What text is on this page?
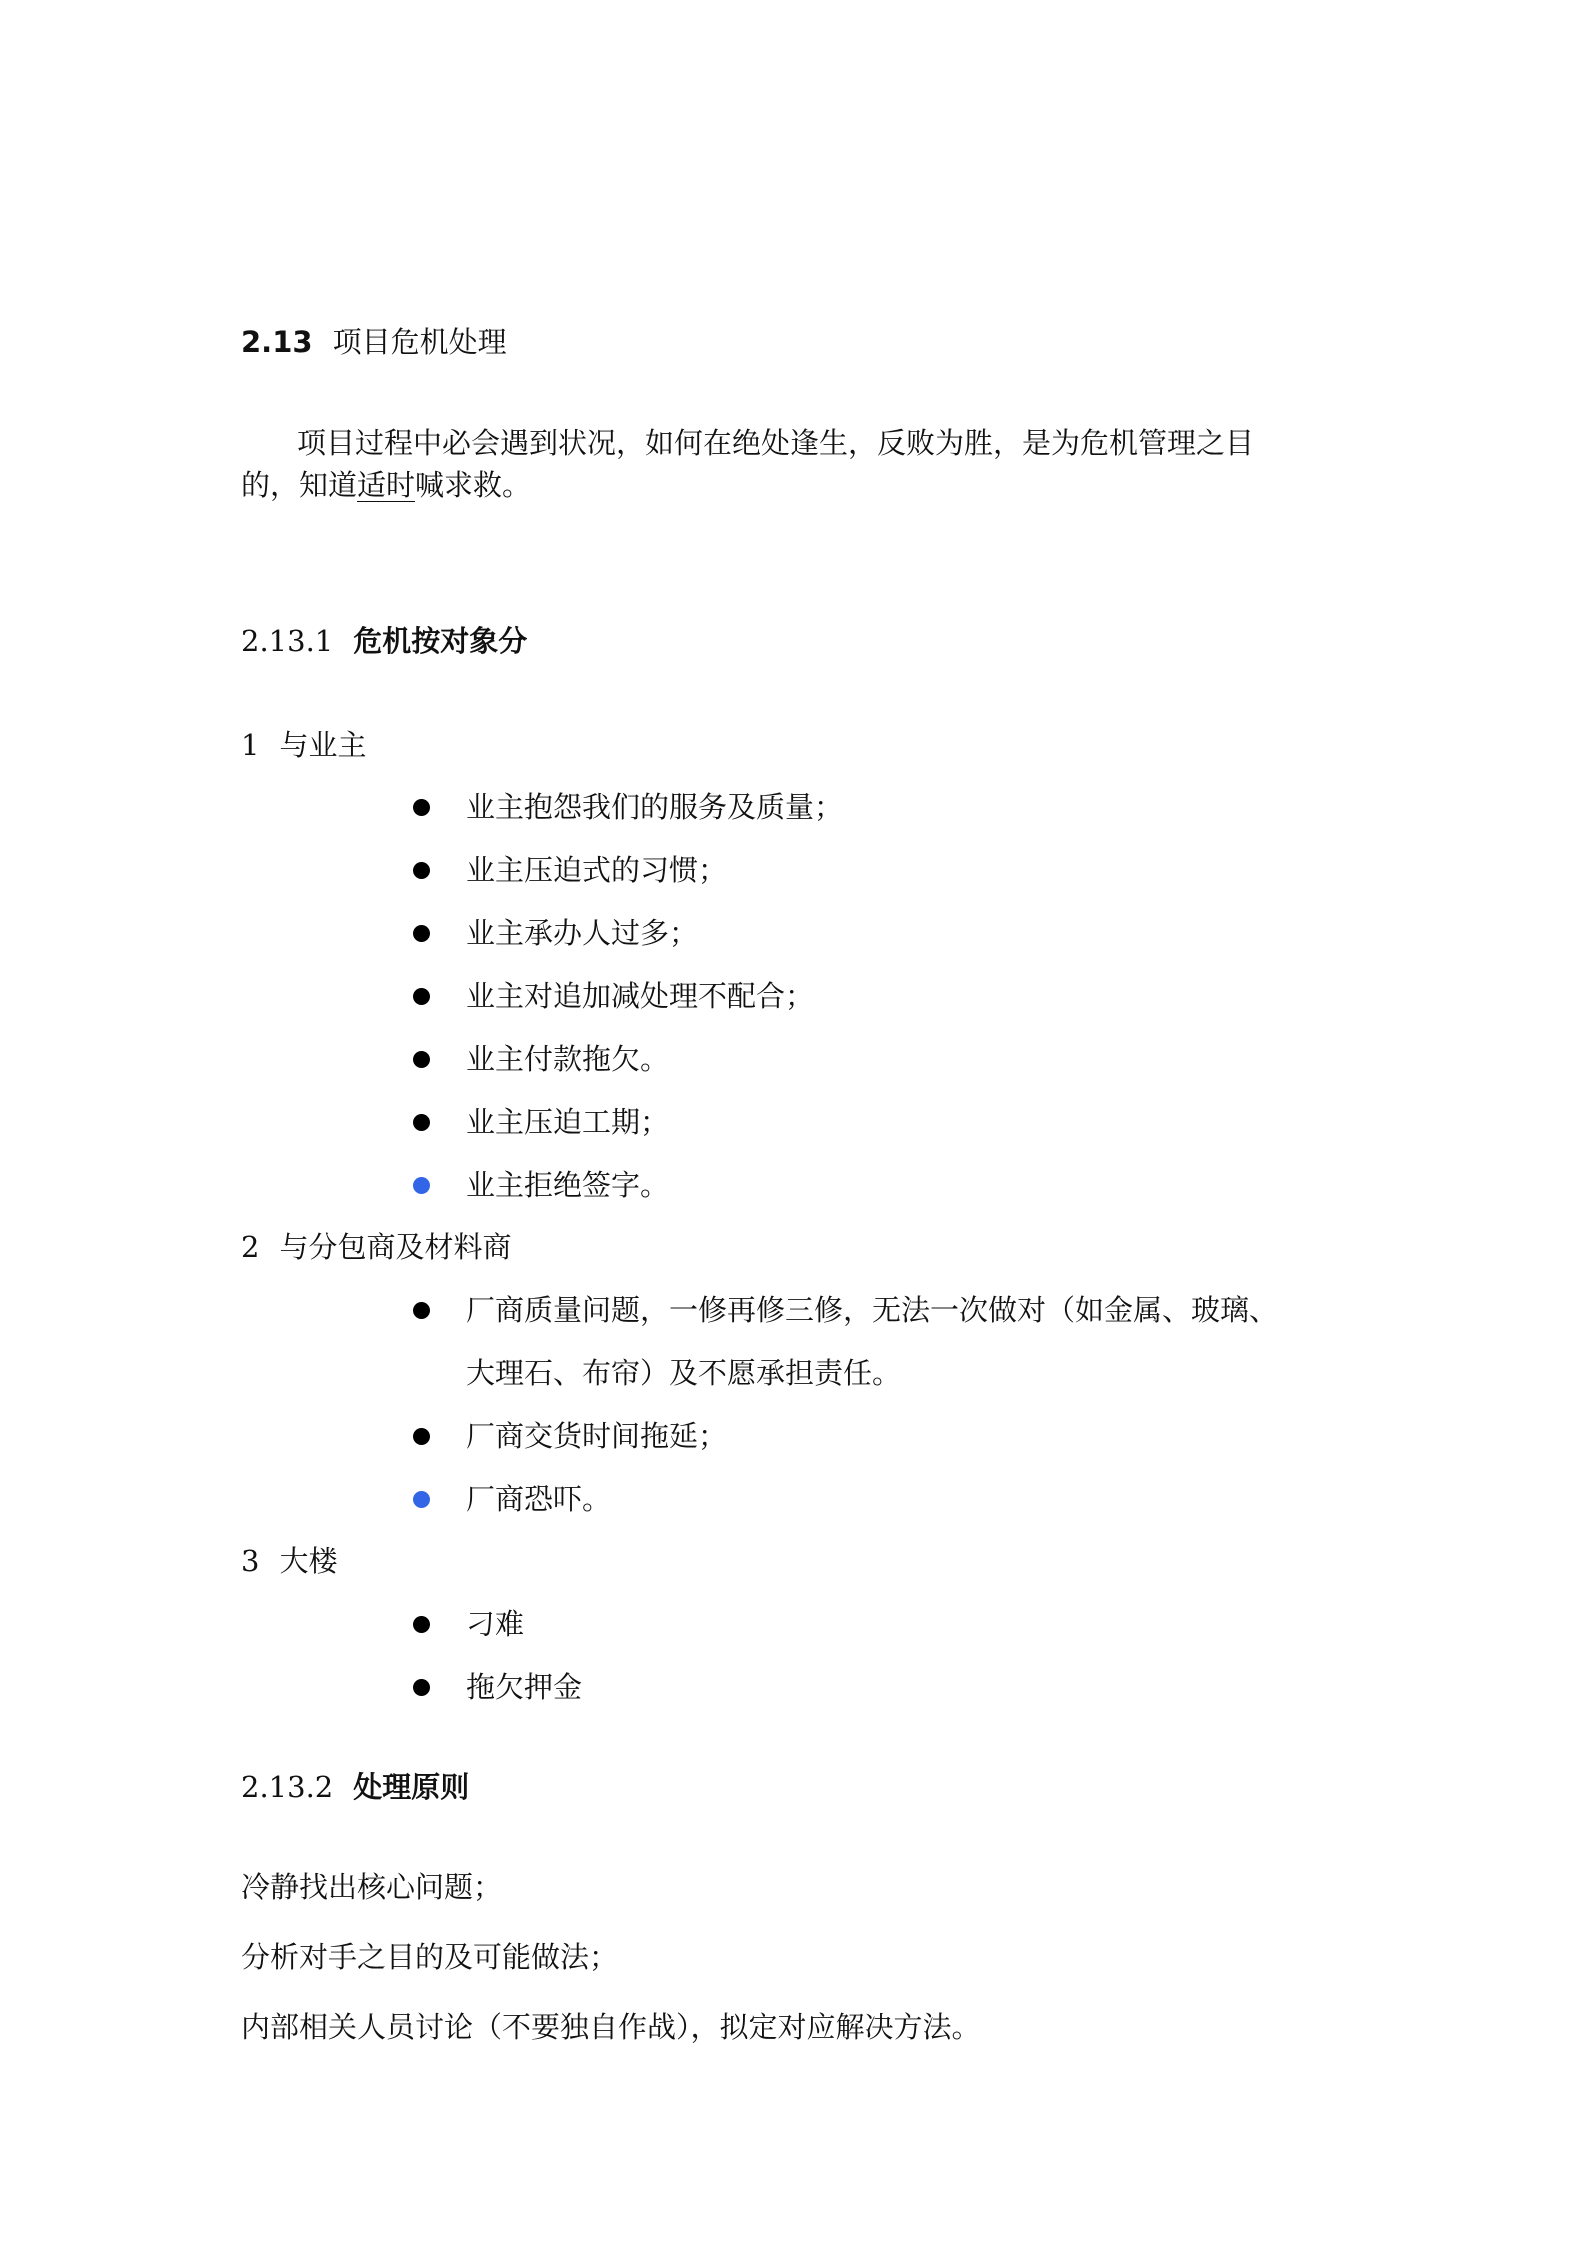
2.13 项目危机处理
项目过程中必会遇到状况，如何在绝处逢生，反败为胜，是为危机管理之目
的，知道适时喊求救。
2.13.1 危机按对象分
1 与业主
业主抱怨我们的服务及质量；
业主压迫式的习惯；
业主承办人过多；
业主对追加减处理不配合；
业主付款拖欠。
业主压迫工期；
业主拒绝签字。
2 与分包商及材料商
厂商质量问题，一修再修三修，无法一次做对（如金属、玻璃、
大理石、布帘）及不愿承担责任。
厂商交货时间拖延；
厂商恐吓。
3 大楼
刁难
拖欠押金
2.13.2 处理原则
冷静找出核心问题；
分析对手之目的及可能做法；
内部相关人员讨论（不要独自作战），拟定对应解决方法。
